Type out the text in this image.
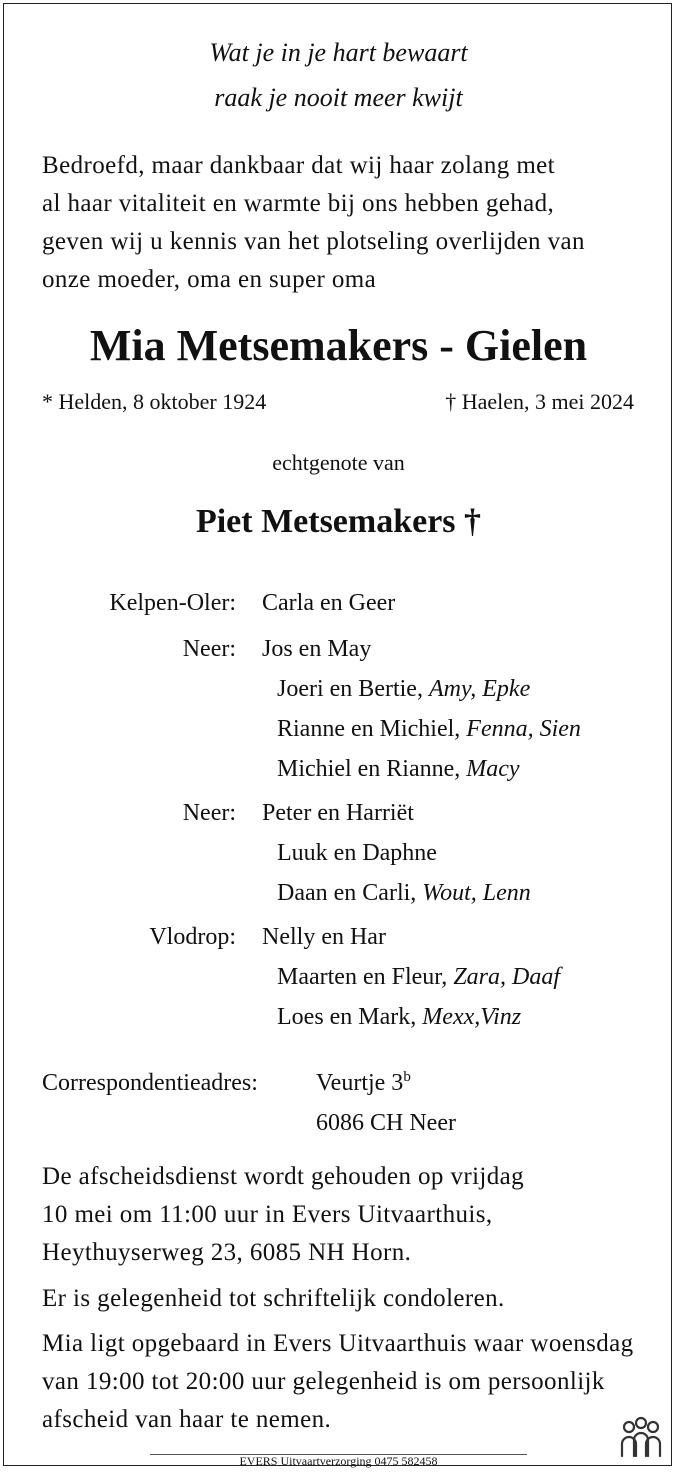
Wat je in je hart bewaart
raak je nooit meer kwijt
Bedroefd, maar dankbaar dat wij haar zolang met
al haar vitaliteit en warmte bij ons hebben gehad,
geven wij u kennis van het plotseling overlijden van
onze moeder, oma en super oma
Mia Metsemakers - Gielen
* Helden, 8 oktober 1924	† Haelen, 3 mei 2024
echtgenote van
Piet Metsemakers †
Kelpen-Oler: Carla en Geer
Neer: Jos en May
Joeri en Bertie, Amy, Epke
Rianne en Michiel, Fenna, Sien
Michiel en Rianne, Macy
Neer: Peter en Harriët
Luuk en Daphne
Daan en Carli, Wout, Lenn
Vlodrop: Nelly en Har
Maarten en Fleur, Zara, Daaf
Loes en Mark, Mexx,Vinz
Correspondentieadres: Veurtje 3$^b$
6086 CH Neer
De afscheidsdienst wordt gehouden op vrijdag
10 mei om 11:00 uur in Evers Uitvaarthuis,
Heythuyserweg 23, 6085 NH Horn.
Er is gelegenheid tot schriftelijk condoleren.
Mia ligt opgebaard in Evers Uitvaarthuis waar woensdag
van 19:00 tot 20:00 uur gelegenheid is om persoonlijk
afscheid van haar te nemen.
EVERS Uitvaartverzorging 0475 582458
